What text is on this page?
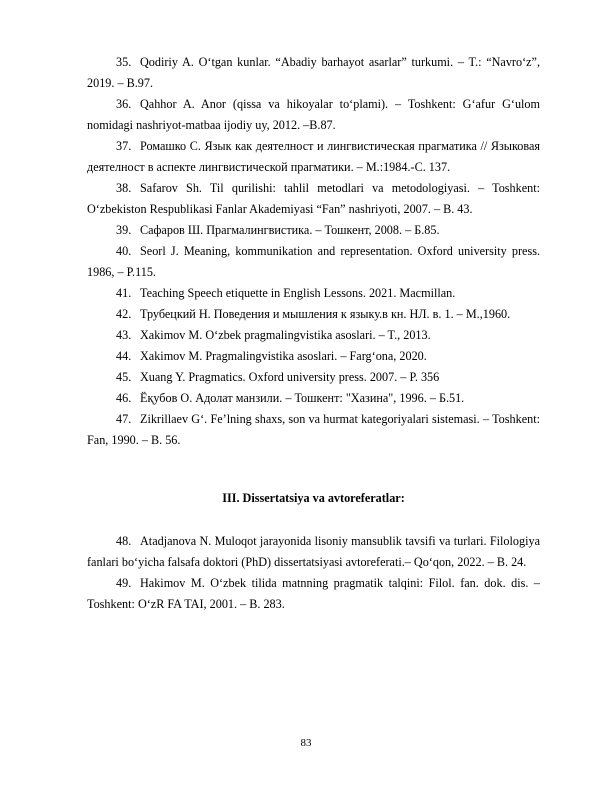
35. Qodiriy A. O‘tgan kunlar. “Abadiy barhayot asarlar” turkumi. – T.: “Navro‘z”, 2019. – B.97.

36. Qahhor A. Anor (qissa va hikoyalar to‘plami). – Toshkent: G‘afur G‘ulom nomidagi nashriyot-matbaa ijodiy uy, 2012. –B.87.

37. Ромашко С. Язык как деятелност и лингвистическая прагматика // Языковая деятелност в аспекте лингвистической прагматики. – М.:1984.-С. 137.

38. Safarov Sh. Til qurilishi: tahlil metodlari va metodologiyasi. – Toshkent: O‘zbekiston Respublikasi Fanlar Akademiyasi “Fan” nashriyoti, 2007. – B. 43.

39. Сафаров Ш. Прагмалингвистика. – Тошкент, 2008. – Б.85.

40. Seorl J. Meaning, kommunikation and representation. Oxford university press. 1986, – P.115.

41. Teaching Speech etiquette in English Lessons. 2021. Macmillan.

42. Трубецкий Н. Поведения и мышления к языку.в кн. НЛ. в. 1. – М.,1960.

43. Xakimov M. O‘zbek pragmalingvistika asoslari. – T., 2013.

44. Xakimov M. Pragmalingvistika asoslari. – Farg‘ona, 2020.

45. Xuang Y. Pragmatics. Oxford university press. 2007. – P. 356

46. Ёқубов О. Адолат манзили. – Тошкент: "Хазина", 1996. – Б.51.

47. Zikrillaev G‘. Fe’lning shaxs, son va hurmat kategoriyalari sistemasi. – Toshkent: Fan, 1990. – B. 56.

III. Dissertatsiya va avtoreferatlar:

48. Atadjanova N. Muloqot jarayonida lisoniy mansublik tavsifi va turlari. Filologiya fanlari bo‘yicha falsafa doktori (PhD) dissertatsiyasi avtoreferati.– Qo‘qon, 2022. – B. 24.

49. Hakimov M. O‘zbek tilida matnning pragmatik talqini: Filol. fan. dok. dis. – Toshkent: O‘zR FA TAI, 2001. – B. 283.

83
